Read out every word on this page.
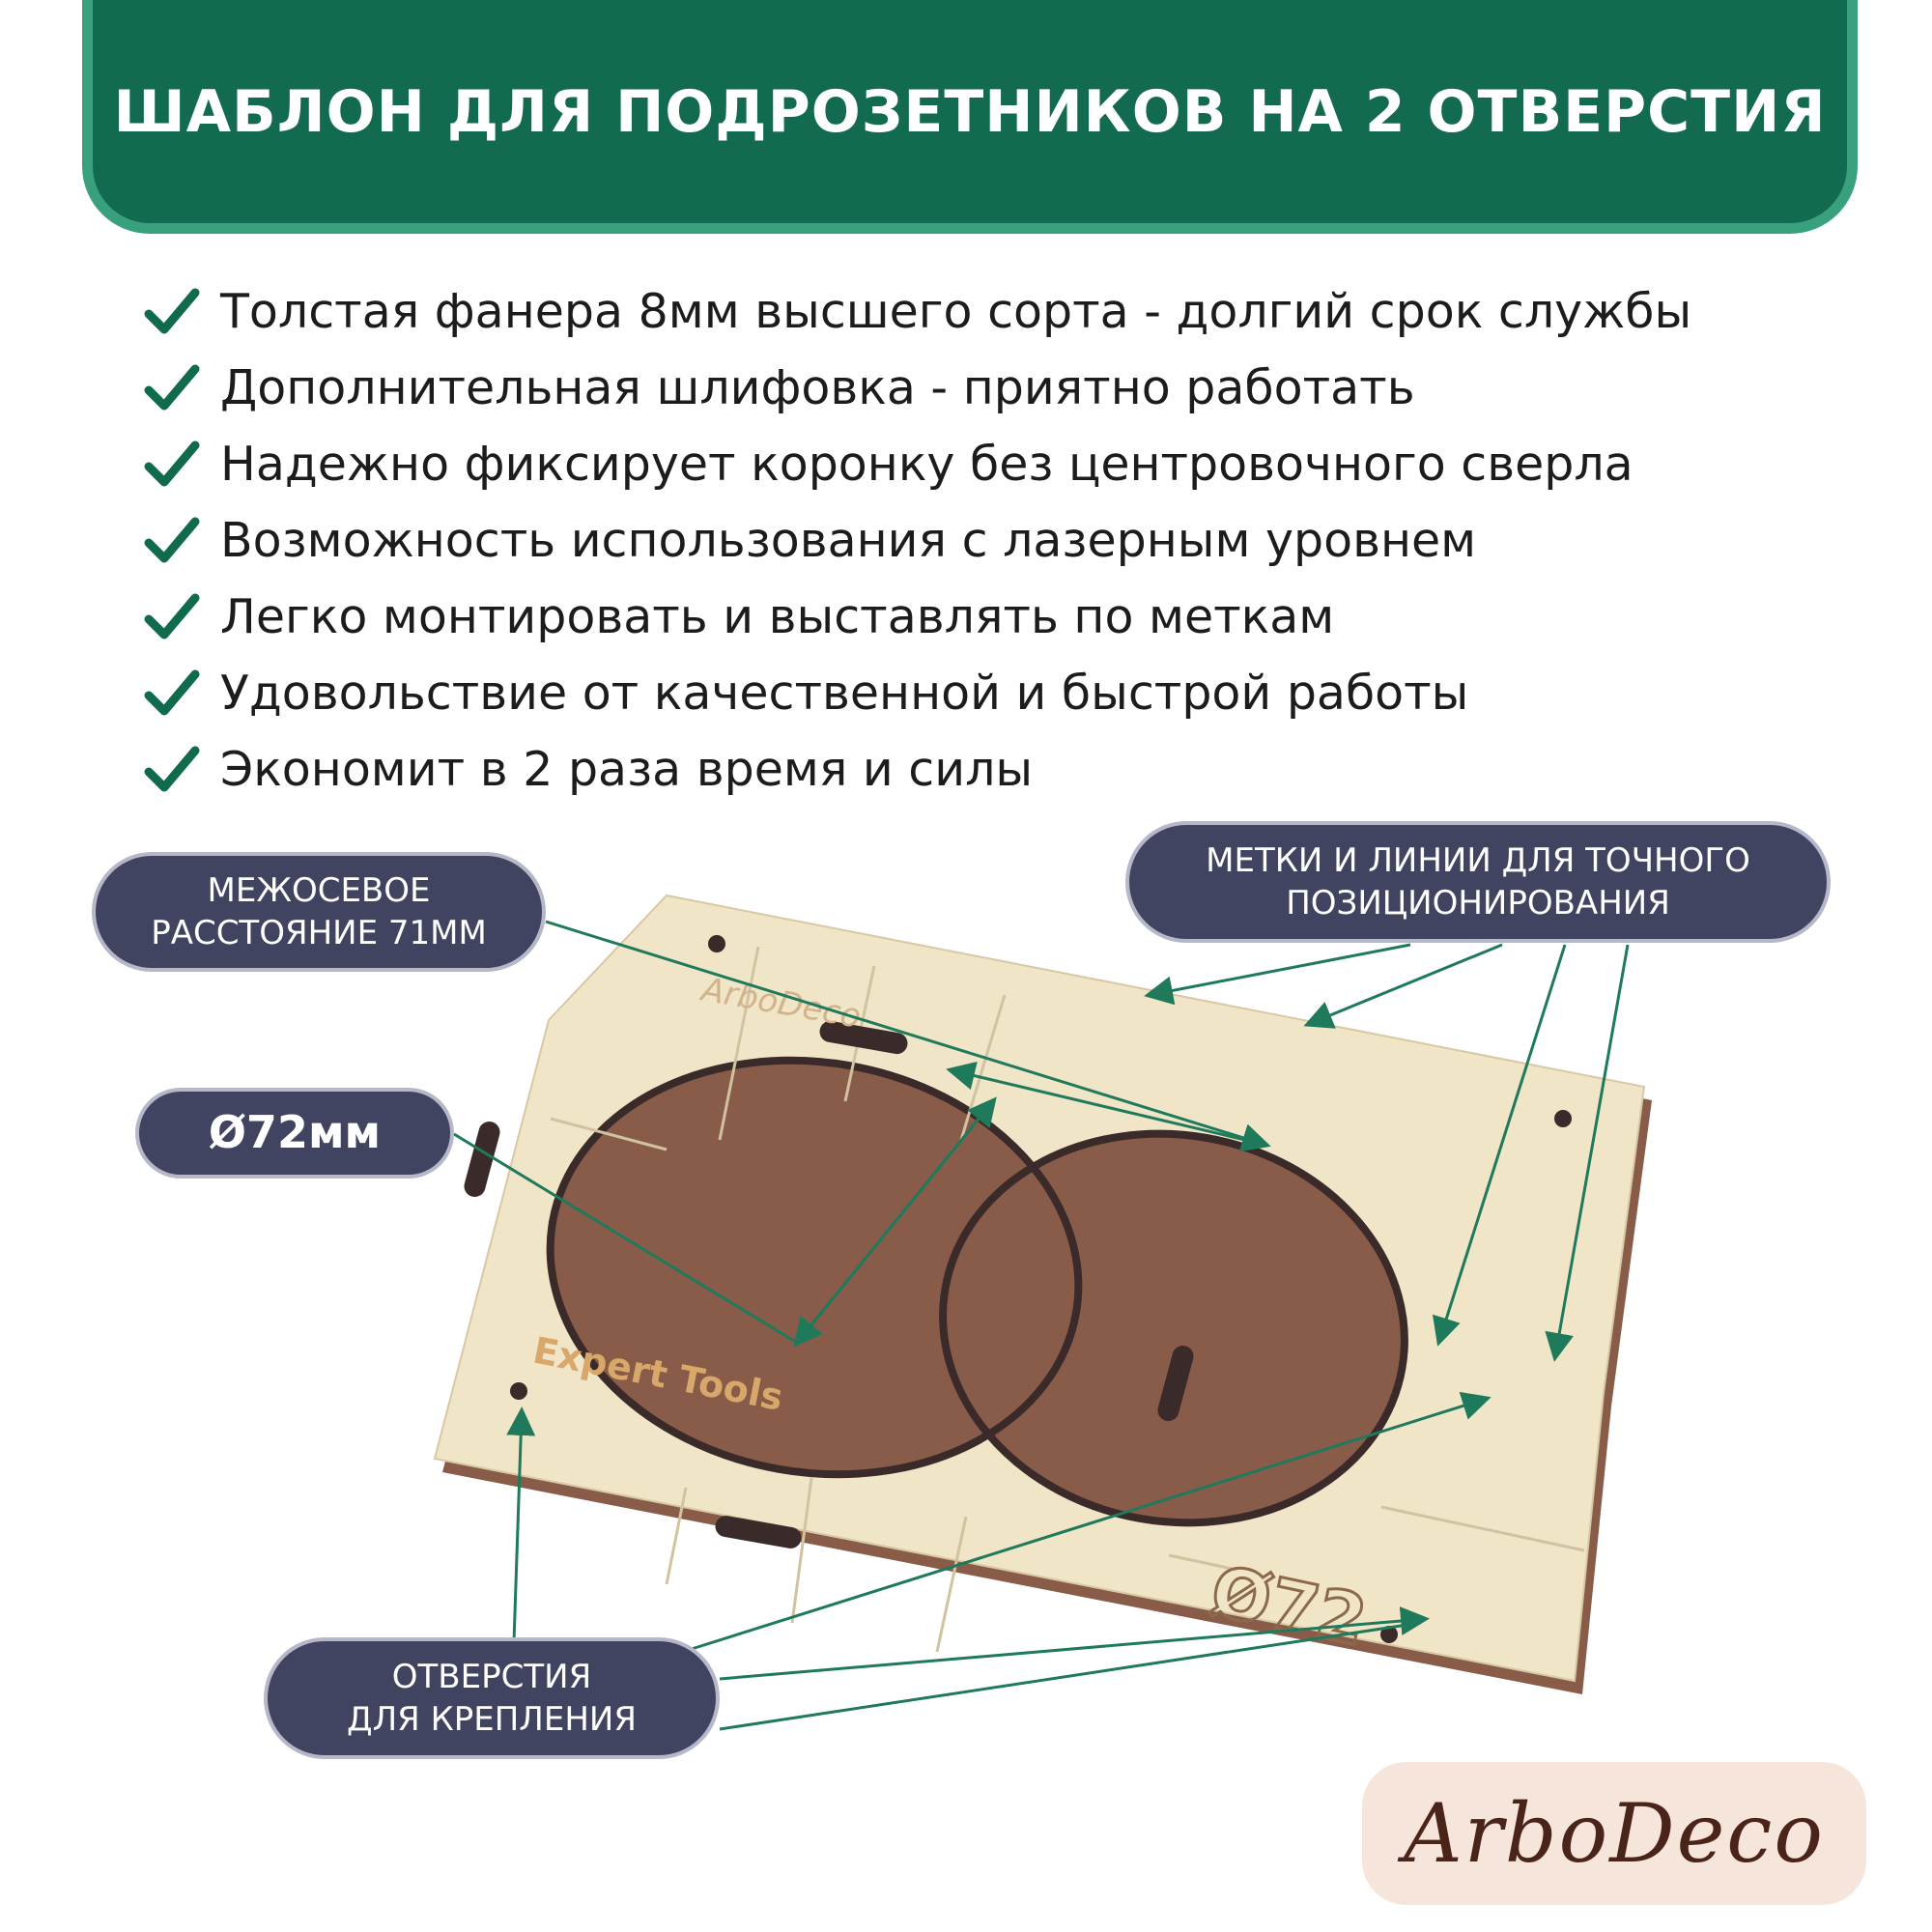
ШАБЛОН ДЛЯ ПОДРОЗЕТНИКОВ НА 2 ОТВЕРСТИЯ
Толстая фанера 8мм высшего сорта - долгий срок службы
Дополнительная шлифовка - приятно работать
Надежно фиксирует коронку без центровочного сверла
Возможность использования с лазерным уровнем
Легко монтировать и выставлять по меткам
Удовольствие от качественной и быстрой работы
Экономит в 2 раза время и силы
ArboDeco
Expert Tools
Ø72
МЕЖОСЕВОЕ
РАССТОЯНИЕ 71ММ
Ø72мм
МЕТКИ И ЛИНИИ ДЛЯ ТОЧНОГО
ПОЗИЦИОНИРОВАНИЯ
ОТВЕРСТИЯ
ДЛЯ КРЕПЛЕНИЯ
ArboDeco
